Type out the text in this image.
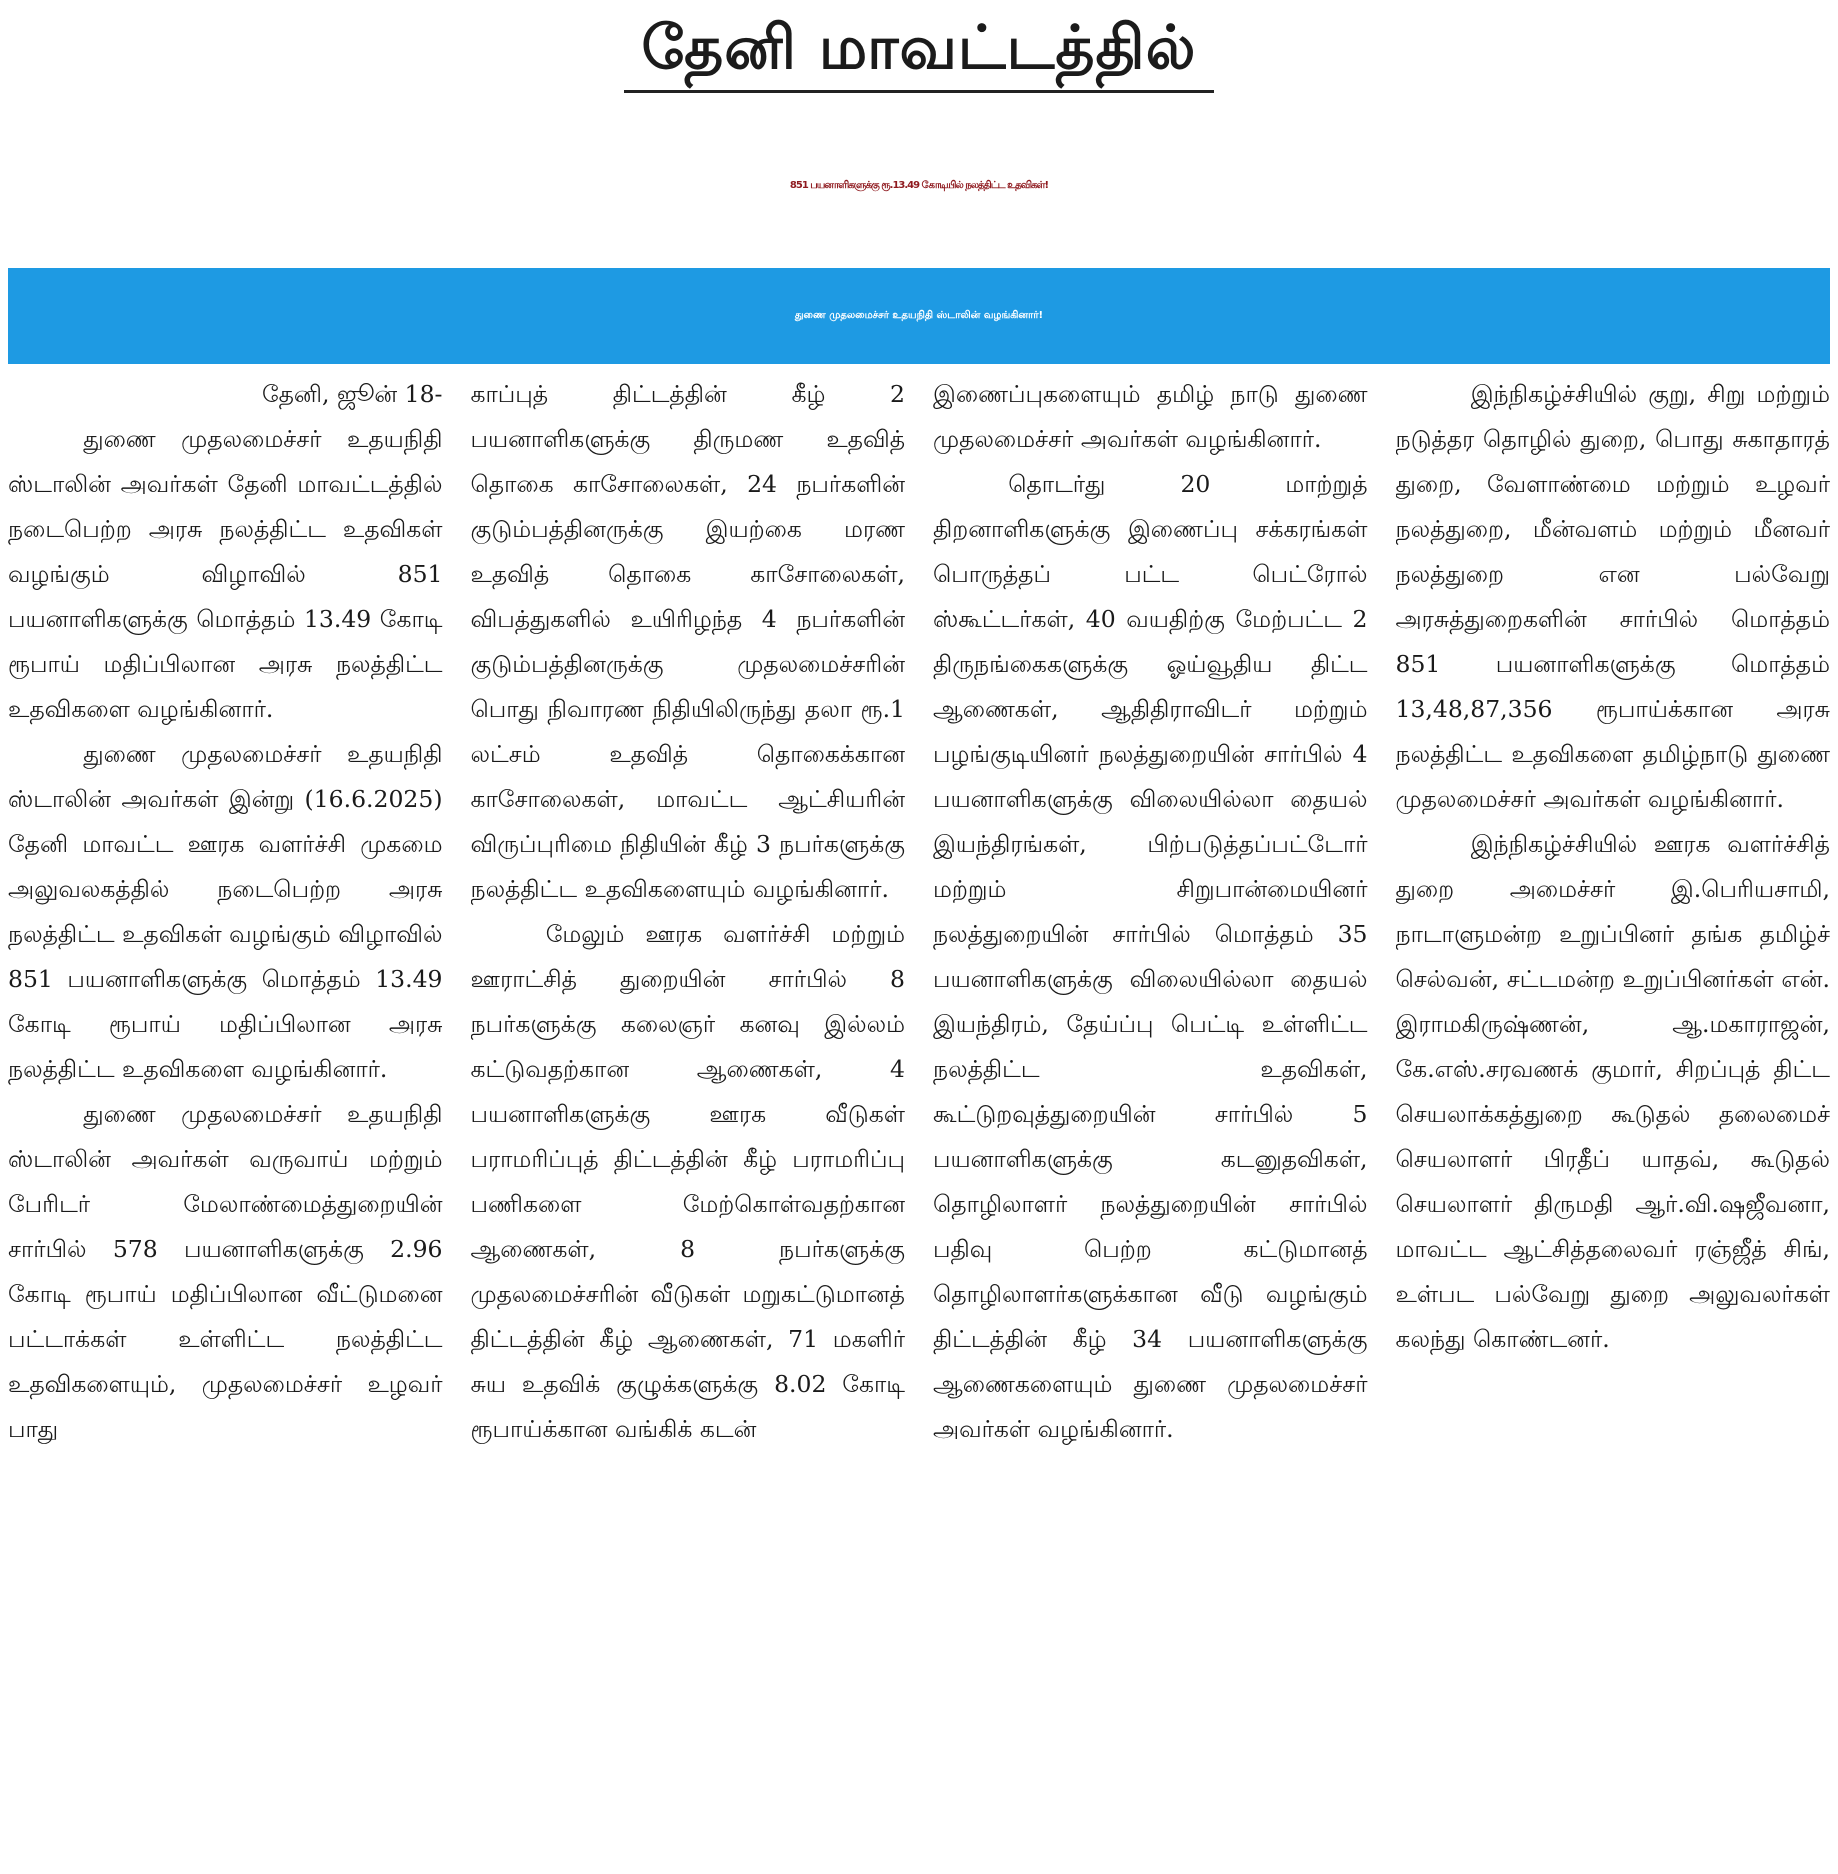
தேனி மாவட்டத்தில்
851 பயனாளிகளுக்கு ரூ.13.49 கோடியில் நலத்திட்ட உதவிகள்!
துணை முதலமைச்சர் உதயநிதி ஸ்டாலின் வழங்கினார்!

தேனி, ஜூன் 18-

துணை முதலமைச்சர் உதயநிதி ஸ்டாலின் அவர்கள் தேனி மாவட்டத்தில் நடைபெற்ற அரசு நலத்திட்ட உதவிகள் வழங்கும் விழாவில் 851 பயனாளிகளுக்கு மொத்தம் 13.49 கோடி ரூபாய் மதிப்பிலான அரசு நலத்திட்ட உதவிகளை வழங்கினார்.

துணை முதலமைச்சர் உதயநிதி ஸ்டாலின் அவர்கள் இன்று (16.6.2025) தேனி மாவட்ட ஊரக வளர்ச்சி முகமை அலுவலகத்தில் நடைபெற்ற அரசு நலத்திட்ட உதவிகள் வழங்கும் விழாவில் 851 பயனாளிகளுக்கு மொத்தம் 13.49 கோடி ரூபாய் மதிப்பிலான அரசு நலத்திட்ட உதவிகளை வழங்கினார்.

துணை முதலமைச்சர் உதயநிதி ஸ்டாலின் அவர்கள் வருவாய் மற்றும் பேரிடர் மேலாண்மைத்துறையின் சார்பில் 578 பயனாளிகளுக்கு 2.96 கோடி ரூபாய் மதிப்பிலான வீட்டுமனை பட்டாக்கள் உள்ளிட்ட நலத்திட்ட உதவிகளையும், முதலமைச்சர் உழவர் பாது

காப்புத் திட்டத்தின் கீழ் 2 பயனாளிகளுக்கு திருமண உதவித் தொகை காசோலைகள், 24 நபர்களின் குடும்பத்தினருக்கு இயற்கை மரண உதவித் தொகை காசோலைகள், விபத்துகளில் உயிரிழந்த 4 நபர்களின் குடும்பத்தினருக்கு முதலமைச்சரின் பொது நிவாரண நிதியிலிருந்து தலா ரூ.1 லட்சம் உதவித் தொகைக்கான காசோலைகள், மாவட்ட ஆட்சியரின் விருப்புரிமை நிதியின் கீழ் 3 நபர்களுக்கு நலத்திட்ட உதவிகளையும் வழங்கினார்.

மேலும் ஊரக வளர்ச்சி மற்றும் ஊராட்சித் துறையின் சார்பில் 8 நபர்களுக்கு கலைஞர் கனவு இல்லம் கட்டுவதற்கான ஆணைகள், 4 பயனாளிகளுக்கு ஊரக வீடுகள் பராமரிப்புத் திட்டத்தின் கீழ் பராமரிப்பு பணிகளை மேற்கொள்வதற்கான ஆணைகள், 8 நபர்களுக்கு முதலமைச்சரின் வீடுகள் மறுகட்டுமானத் திட்டத்தின் கீழ் ஆணைகள், 71 மகளிர் சுய உதவிக் குழுக்களுக்கு 8.02 கோடி ரூபாய்க்கான வங்கிக் கடன்

இணைப்புகளையும் தமிழ் நாடு துணை முதலமைச்சர் அவர்கள் வழங்கினார்.

தொடர்து 20 மாற்றுத் திறனாளிகளுக்கு இணைப்பு சக்கரங்கள் பொருத்தப் பட்ட பெட்ரோல் ஸ்கூட்டர்கள், 40 வயதிற்கு மேற்பட்ட 2 திருநங்கைகளுக்கு ஓய்வூதிய திட்ட ஆணைகள், ஆதிதிராவிடர் மற்றும் பழங்குடியினர் நலத்துறையின் சார்பில் 4 பயனாளிகளுக்கு விலையில்லா தையல் இயந்திரங்கள், பிற்படுத்தப்பட்டோர் மற்றும் சிறுபான்மையினர் நலத்துறையின் சார்பில் மொத்தம் 35 பயனாளிகளுக்கு விலையில்லா தையல் இயந்திரம், தேய்ப்பு பெட்டி உள்ளிட்ட நலத்திட்ட உதவிகள், கூட்டுறவுத்துறையின் சார்பில் 5 பயனாளிகளுக்கு கடனுதவிகள், தொழிலாளர் நலத்துறையின் சார்பில் பதிவு பெற்ற கட்டுமானத் தொழிலாளர்களுக்கான வீடு வழங்கும் திட்டத்தின் கீழ் 34 பயனாளிகளுக்கு ஆணைகளையும் துணை முதலமைச்சர் அவர்கள் வழங்கினார்.

இந்நிகழ்ச்சியில் குறு, சிறு மற்றும் நடுத்தர தொழில் துறை, பொது சுகாதாரத் துறை, வேளாண்மை மற்றும் உழவர் நலத்துறை, மீன்வளம் மற்றும் மீனவர் நலத்துறை என பல்வேறு அரசுத்துறைகளின் சார்பில் மொத்தம் 851 பயனாளிகளுக்கு மொத்தம் 13,48,87,356 ரூபாய்க்கான அரசு நலத்திட்ட உதவிகளை தமிழ்நாடு துணை முதலமைச்சர் அவர்கள் வழங்கினார்.

இந்நிகழ்ச்சியில் ஊரக வளர்ச்சித் துறை அமைச்சர் இ.பெரியசாமி, நாடாளுமன்ற உறுப்பினர் தங்க தமிழ்ச் செல்வன், சட்டமன்ற உறுப்பினர்கள் என். இராமகிருஷ்ணன், ஆ.மகாராஜன், கே.எஸ்.சரவணக் குமார், சிறப்புத் திட்ட செயலாக்கத்துறை கூடுதல் தலைமைச் செயலாளர் பிரதீப் யாதவ், கூடுதல் செயலாளர் திருமதி ஆர்.வி.ஷஜீவனா, மாவட்ட ஆட்சித்தலைவர் ரஞ்ஜீத் சிங், உள்பட பல்வேறு துறை அலுவலர்கள் கலந்து கொண்டனர்.
